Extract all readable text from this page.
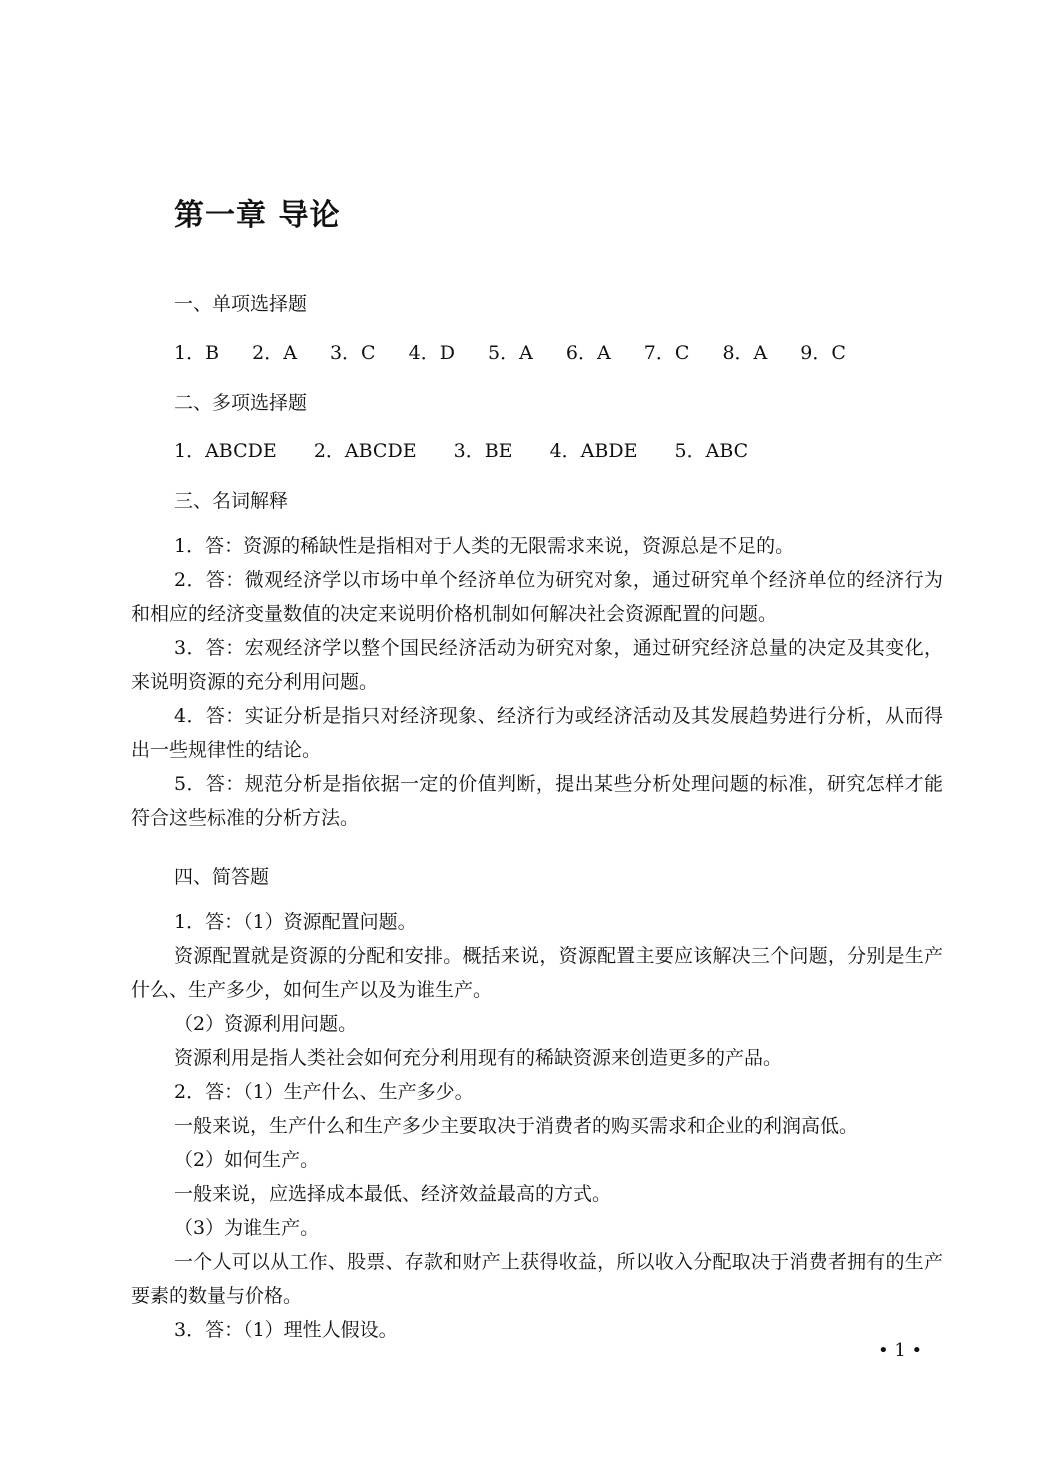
第一章 导论
一、单项选择题
1．B 2．A 3．C 4．D 5．A 6．A 7．C 8．A 9．C
二、多项选择题
1．ABCDE 2．ABCDE 3．BE 4．ABDE 5．ABC
三、名词解释

1．答：资源的稀缺性是指相对于人类的无限需求来说，资源总是不足的。

2．答：微观经济学以市场中单个经济单位为研究对象，通过研究单个经济单位的经济行为和相应的经济变量数值的决定来说明价格机制如何解决社会资源配置的问题。

3．答：宏观经济学以整个国民经济活动为研究对象，通过研究经济总量的决定及其变化，来说明资源的充分利用问题。

4．答：实证分析是指只对经济现象、经济行为或经济活动及其发展趋势进行分析，从而得出一些规律性的结论。

5．答：规范分析是指依据一定的价值判断，提出某些分析处理问题的标准，研究怎样才能符合这些标准的分析方法。

四、简答题

1．答：（1）资源配置问题。

资源配置就是资源的分配和安排。概括来说，资源配置主要应该解决三个问题，分别是生产什么、生产多少，如何生产以及为谁生产。

（2）资源利用问题。

资源利用是指人类社会如何充分利用现有的稀缺资源来创造更多的产品。

2．答：（1）生产什么、生产多少。

一般来说，生产什么和生产多少主要取决于消费者的购买需求和企业的利润高低。

（2）如何生产。

一般来说，应选择成本最低、经济效益最高的方式。

（3）为谁生产。

一个人可以从工作、股票、存款和财产上获得收益，所以收入分配取决于消费者拥有的生产要素的数量与价格。

3．答：（1）理性人假设。

• 1 •
